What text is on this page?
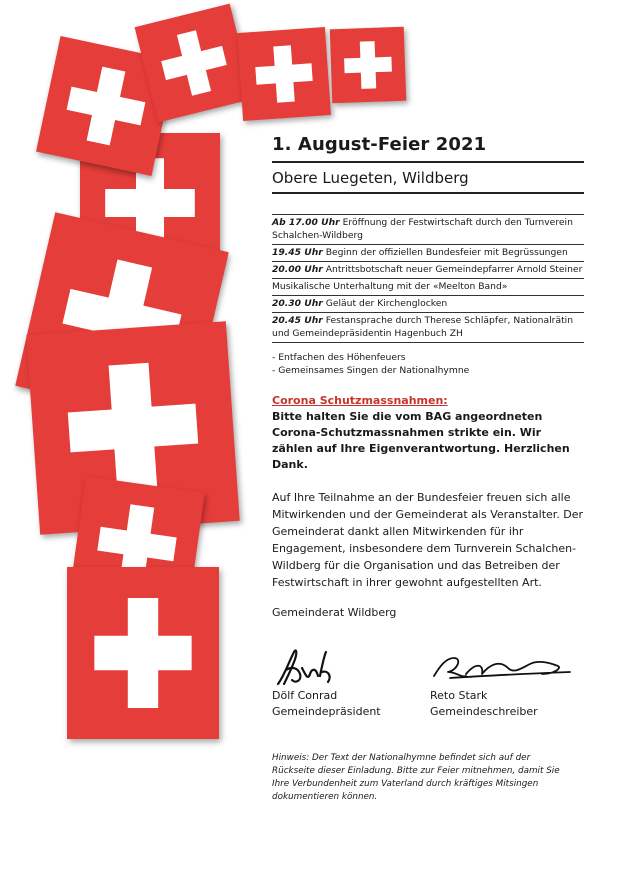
1. August-Feier 2021
Obere Luegeten, Wildberg
Ab 17.00 Uhr Eröffnung der Festwirtschaft durch den Turnverein Schalchen-Wildberg
19.45 Uhr Beginn der offiziellen Bundesfeier mit Begrüssungen
20.00 Uhr Antrittsbotschaft neuer Gemeindepfarrer Arnold Steiner
Musikalische Unterhaltung mit der «Meelton Band»
20.30 Uhr Geläut der Kirchenglocken
20.45 Uhr Festansprache durch Therese Schläpfer, Nationalrätin und Gemeindepräsidentin Hagenbuch ZH
- Entfachen des Höhenfeuers
- Gemeinsames Singen der Nationalhymne
Corona Schutzmassnahmen:
Bitte halten Sie die vom BAG angeordneten Corona-Schutzmassnahmen strikte ein. Wir zählen auf Ihre Eigenverantwortung. Herzlichen Dank.
Auf Ihre Teilnahme an der Bundesfeier freuen sich alle Mitwirkenden und der Gemeinderat als Veranstalter. Der Gemeinderat dankt allen Mitwirkenden für ihr Engagement, insbesondere dem Turnverein Schalchen-Wildberg für die Organisation und das Betreiben der Festwirtschaft in ihrer gewohnt aufgestellten Art.
Gemeinderat Wildberg
Dölf Conrad
Gemeindepräsident
Reto Stark
Gemeindeschreiber
Hinweis: Der Text der Nationalhymne befindet sich auf der Rückseite dieser Einladung. Bitte zur Feier mitnehmen, damit Sie Ihre Verbundenheit zum Vaterland durch kräftiges Mitsingen dokumentieren können.
